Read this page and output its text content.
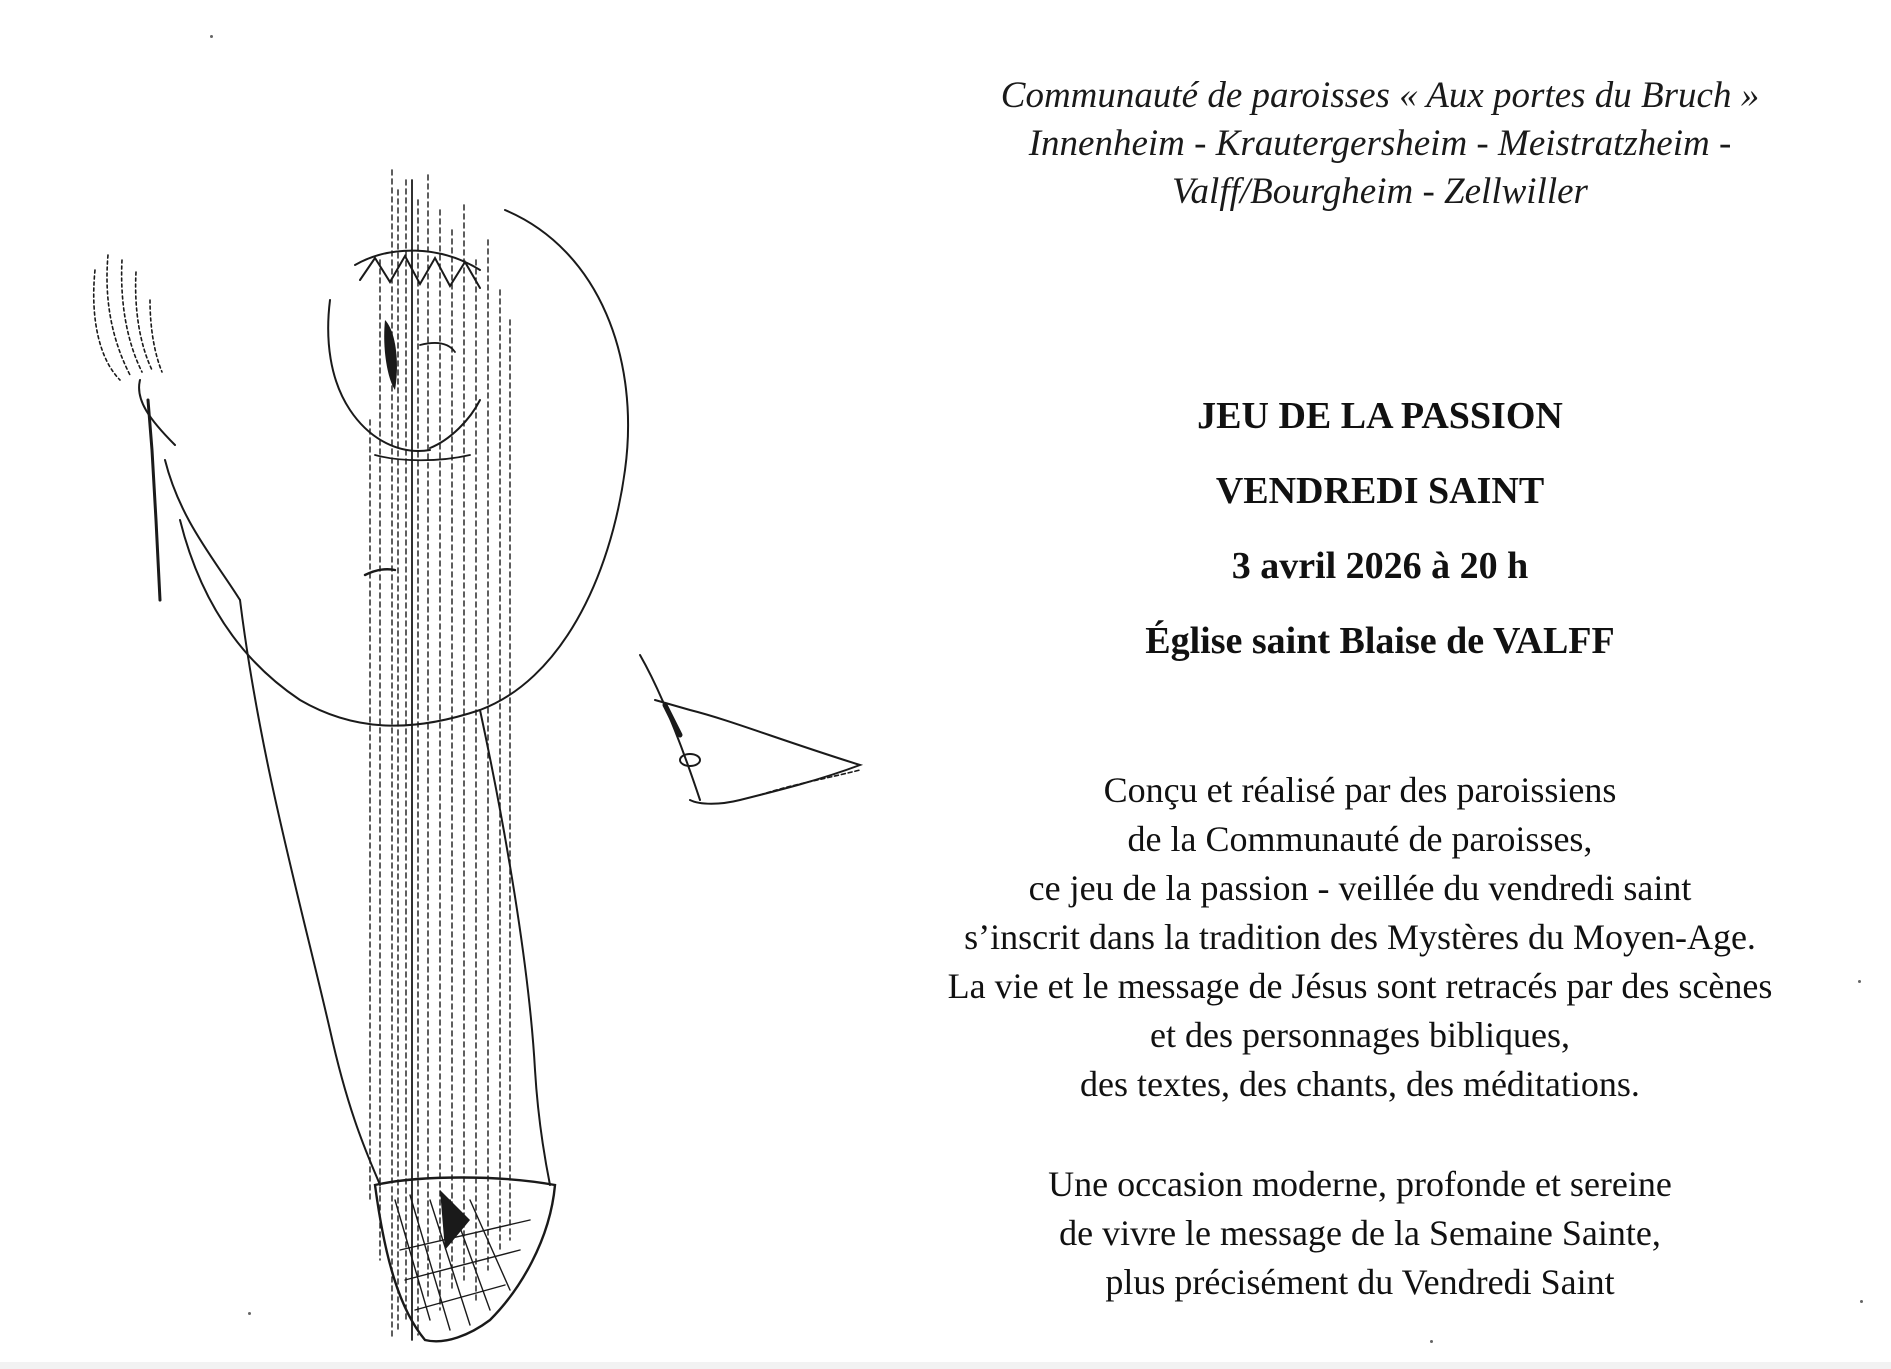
Communauté de paroisses « Aux portes du Bruch »
Innenheim - Krautergersheim - Meistratzheim -
Valff/Bourgheim - Zellwiller
JEU DE LA PASSION
VENDREDI SAINT
3 avril 2026 à 20 h
Église saint Blaise de VALFF
Conçu et réalisé par des paroissiens
de la Communauté de paroisses,
ce jeu de la passion - veillée du vendredi saint
s’inscrit dans la tradition des Mystères du Moyen-Age.
La vie et le message de Jésus sont retracés par des scènes
et des personnages bibliques,
des textes, des chants, des méditations.
Une occasion moderne, profonde et sereine
de vivre le message de la Semaine Sainte,
plus précisément du Vendredi Saint
